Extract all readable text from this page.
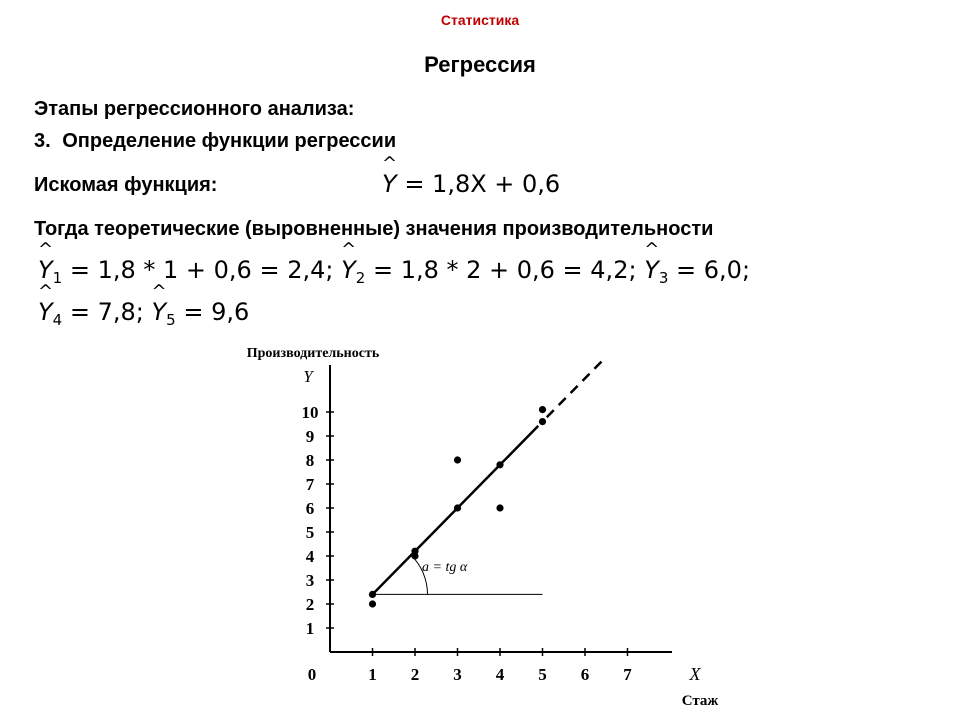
Статистика
Регрессия
Этапы регрессионного анализа:
3. Определение функции регрессии
Искомая функция:	^ Y = 1,8X + 0,6
Тогда теоретические (выровненные) значения производительности
^ $Y_1 = 1,8 * 1 + 0,6 = 2,4$; ^ $Y_2 = 1,8 * 2 + 0,6 = 4,2$; ^ $Y_3 = 6,0$;
^ $Y_4 = 7,8$; ^ $Y_5 = 9,6$
Производительность
Y
X
Стаж
0
1
2
3
4
5
6
7
8
9
10
1 2 3 4 5 6 7
a = tg α
